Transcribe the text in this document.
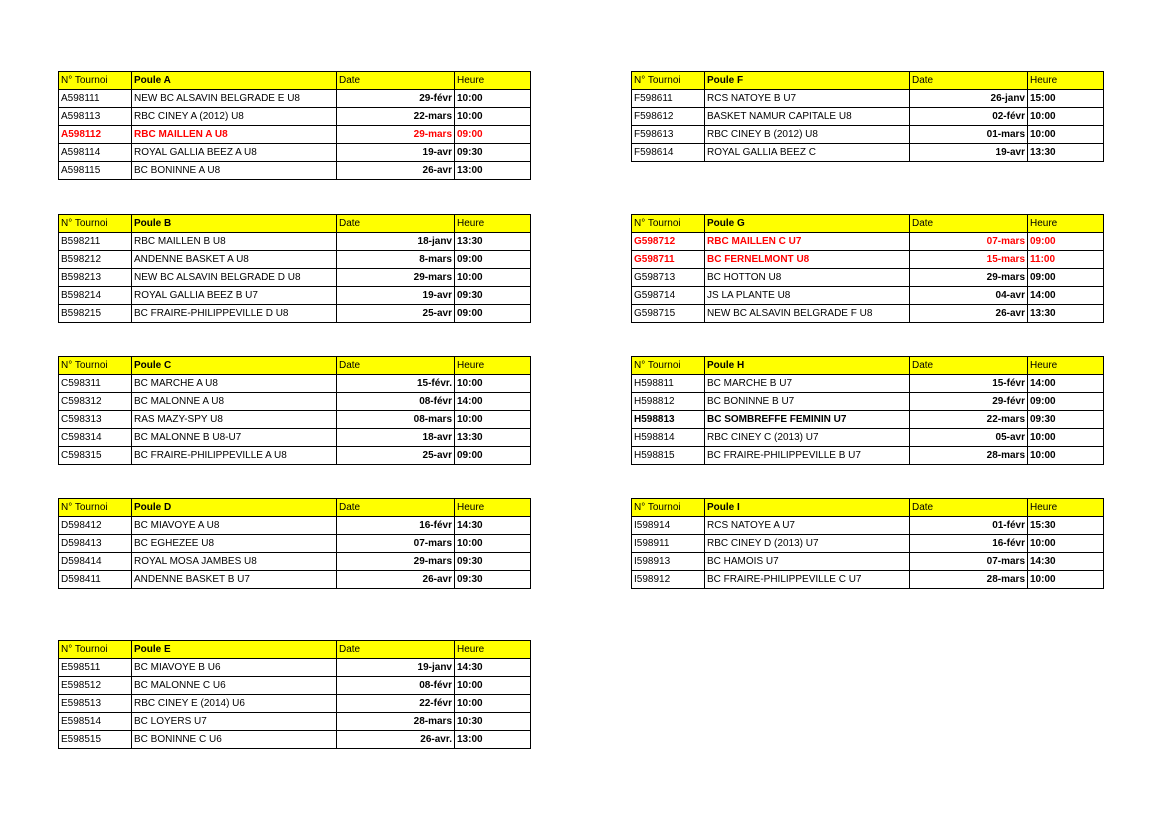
N° Tournoi	Poule A	Date	Heure
A598111	NEW BC ALSAVIN BELGRADE E U8	29-févr	10:00
A598113	RBC CINEY A (2012) U8	22-mars	10:00
A598112	RBC MAILLEN A U8	29-mars	09:00
A598114	ROYAL GALLIA BEEZ A U8	19-avr	09:30
A598115	BC BONINNE A U8	26-avr	13:00
N° Tournoi	Poule F	Date	Heure
F598611	RCS NATOYE B U7	26-janv	15:00
F598612	BASKET NAMUR CAPITALE U8	02-févr	10:00
F598613	RBC CINEY B (2012) U8	01-mars	10:00
F598614	ROYAL GALLIA BEEZ C	19-avr	13:30
N° Tournoi	Poule B	Date	Heure
B598211	RBC MAILLEN B U8	18-janv	13:30
B598212	ANDENNE BASKET A U8	8-mars	09:00
B598213	NEW BC ALSAVIN BELGRADE D U8	29-mars	10:00
B598214	ROYAL GALLIA BEEZ B U7	19-avr	09:30
B598215	BC FRAIRE-PHILIPPEVILLE D U8	25-avr	09:00
N° Tournoi	Poule G	Date	Heure
G598712	RBC MAILLEN C U7	07-mars	09:00
G598711	BC FERNELMONT U8	15-mars	11:00
G598713	BC HOTTON U8	29-mars	09:00
G598714	JS LA PLANTE U8	04-avr	14:00
G598715	NEW BC ALSAVIN BELGRADE F U8	26-avr	13:30
N° Tournoi	Poule C	Date	Heure
C598311	BC MARCHE A U8	15-févr.	10:00
C598312	BC MALONNE A U8	08-févr	14:00
C598313	RAS MAZY-SPY U8	08-mars	10:00
C598314	BC MALONNE B U8-U7	18-avr	13:30
C598315	BC FRAIRE-PHILIPPEVILLE A U8	25-avr	09:00
N° Tournoi	Poule H	Date	Heure
H598811	BC MARCHE B U7	15-févr	14:00
H598812	BC BONINNE B U7	29-févr	09:00
H598813	BC SOMBREFFE FEMININ U7	22-mars	09:30
H598814	RBC CINEY C (2013) U7	05-avr	10:00
H598815	BC FRAIRE-PHILIPPEVILLE B U7	28-mars	10:00
N° Tournoi	Poule D	Date	Heure
D598412	BC MIAVOYE A U8	16-févr	14:30
D598413	BC EGHEZEE U8	07-mars	10:00
D598414	ROYAL MOSA JAMBES U8	29-mars	09:30
D598411	ANDENNE BASKET B U7	26-avr	09:30
N° Tournoi	Poule I	Date	Heure
I598914	RCS NATOYE A U7	01-févr	15:30
I598911	RBC CINEY D (2013) U7	16-févr	10:00
I598913	BC HAMOIS U7	07-mars	14:30
I598912	BC FRAIRE-PHILIPPEVILLE C U7	28-mars	10:00
N° Tournoi	Poule E	Date	Heure
E598511	BC MIAVOYE B U6	19-janv	14:30
E598512	BC MALONNE C U6	08-févr	10:00
E598513	RBC CINEY E (2014) U6	22-févr	10:00
E598514	BC LOYERS U7	28-mars	10:30
E598515	BC BONINNE C U6	26-avr.	13:00
